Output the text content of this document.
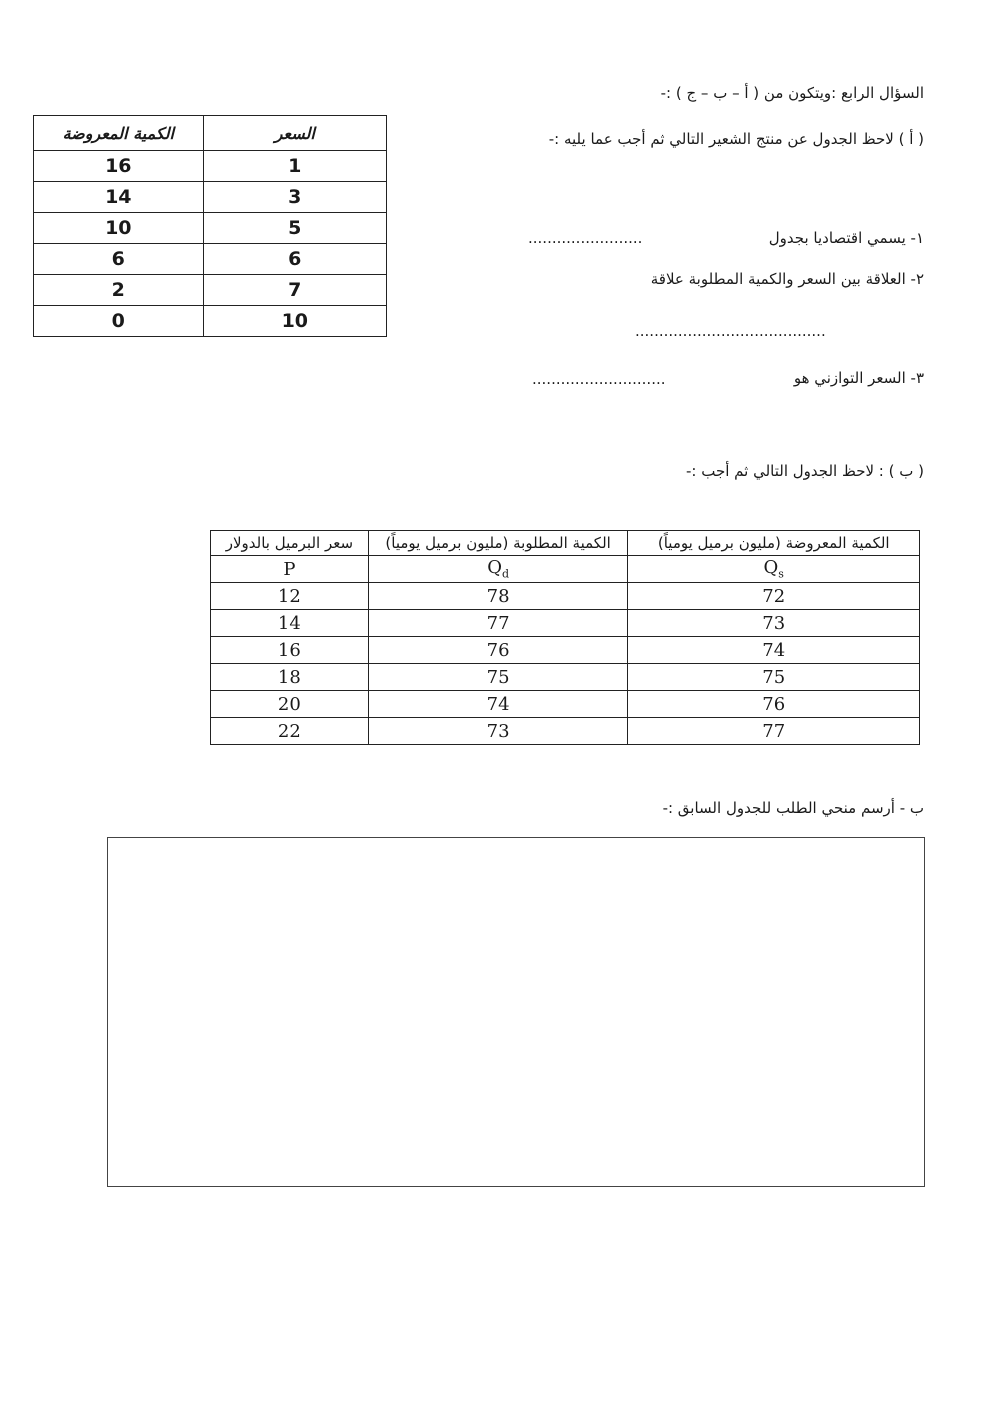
السؤال الرابع :ويتكون من ( أ – ب – ج ) :-
( أ ) لاحظ الجدول عن منتج الشعير التالي ثم أجب عما يليه :-
الكمية المعروضة	السعر
16	1
14	3
10	5
6	6
2	7
0	10
١- يسمي اقتصاديا بجدول
........................
٢- العلاقة بين السعر والكمية المطلوبة علاقة
........................................
٣- السعر التوازني هو
............................
( ب ) : لاحظ الجدول التالي ثم أجب :-
سعر البرميل بالدولار	(الكمية المطلوبة (مليون برميل يومياً	(الكمية المعروضة (مليون برميل يومياً
P	$Q_d$	$Q_s$
12	78	72
14	77	73
16	76	74
18	75	75
20	74	76
22	73	77
ب - أرسم منحي الطلب للجدول السابق :-
